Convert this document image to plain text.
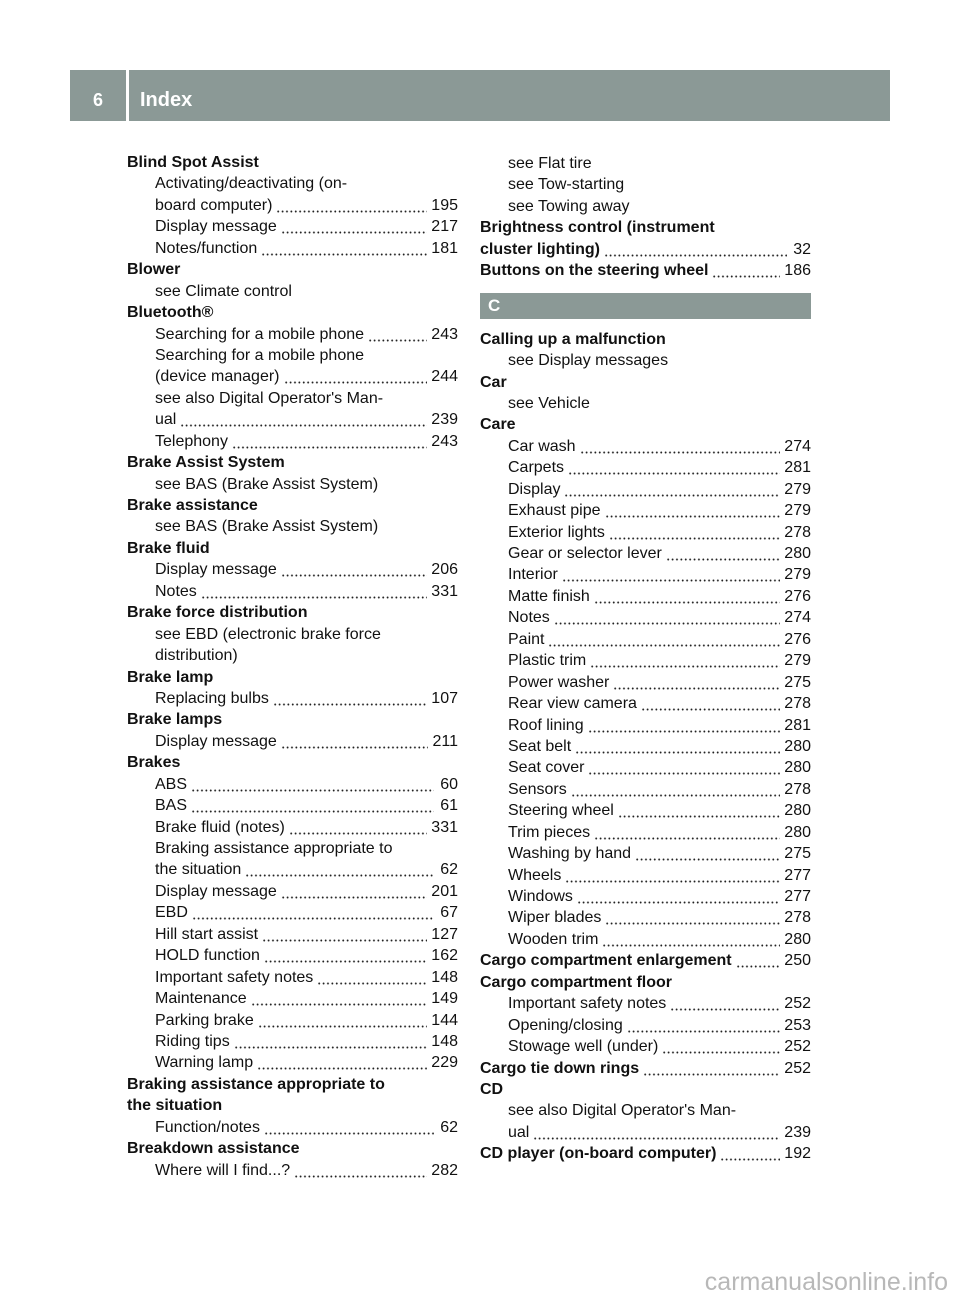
6	Index
Blind Spot Assist
Activating/deactivating (on-
board computer)	195
Display message	217
Notes/function	181
Blower
see Climate control
Bluetooth®
Searching for a mobile phone	243
Searching for a mobile phone
(device manager)	244
see also Digital Operator's Man-
ual	239
Telephony	243
Brake Assist System
see BAS (Brake Assist System)
Brake assistance
see BAS (Brake Assist System)
Brake fluid
Display message	206
Notes	331
Brake force distribution
see EBD (electronic brake force
distribution)
Brake lamp
Replacing bulbs	107
Brake lamps
Display message	211
Brakes
ABS	60
BAS	61
Brake fluid (notes)	331
Braking assistance appropriate to
the situation	62
Display message	201
EBD	67
Hill start assist	127
HOLD function	162
Important safety notes	148
Maintenance	149
Parking brake	144
Riding tips	148
Warning lamp	229
Braking assistance appropriate to
the situation
Function/notes	62
Breakdown assistance
Where will I find...?	282
see Flat tire
see Tow-starting
see Towing away
Brightness control (instrument
cluster lighting)	32
Buttons on the steering wheel	186
C
Calling up a malfunction
see Display messages
Car
see Vehicle
Care
Car wash	274
Carpets	281
Display	279
Exhaust pipe	279
Exterior lights	278
Gear or selector lever	280
Interior	279
Matte finish	276
Notes	274
Paint	276
Plastic trim	279
Power washer	275
Rear view camera	278
Roof lining	281
Seat belt	280
Seat cover	280
Sensors	278
Steering wheel	280
Trim pieces	280
Washing by hand	275
Wheels	277
Windows	277
Wiper blades	278
Wooden trim	280
Cargo compartment enlargement	250
Cargo compartment floor
Important safety notes	252
Opening/closing	253
Stowage well (under)	252
Cargo tie down rings	252
CD
see also Digital Operator's Man-
ual	239
CD player (on-board computer)	192
carmanualsonline.info
